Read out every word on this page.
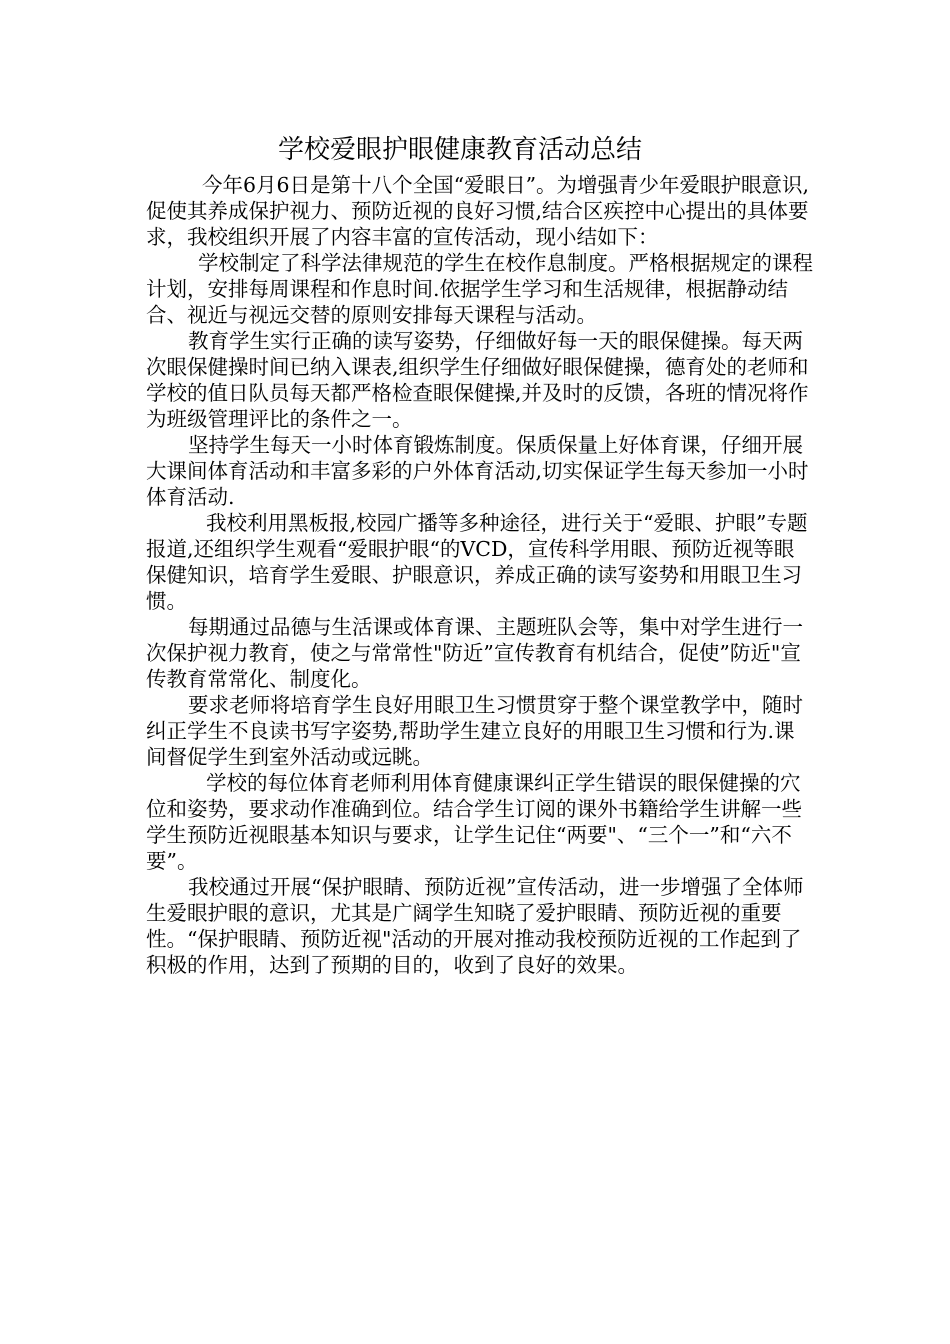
学校爱眼护眼健康教育活动总结

今年6月6日是第十八个全国“爱眼日”。为增强青少年爱眼护眼意识,促使其养成保护视力、预防近视的良好习惯,结合区疾控中心提出的具体要求，我校组织开展了内容丰富的宣传活动，现小结如下：

学校制定了科学法律规范的学生在校作息制度。严格根据规定的课程计划，安排每周课程和作息时间.依据学生学习和生活规律，根据静动结合、视近与视远交替的原则安排每天课程与活动。

教育学生实行正确的读写姿势，仔细做好每一天的眼保健操。每天两次眼保健操时间已纳入课表,组织学生仔细做好眼保健操，德育处的老师和学校的值日队员每天都严格检查眼保健操,并及时的反馈，各班的情况将作为班级管理评比的条件之一。

坚持学生每天一小时体育锻炼制度。保质保量上好体育课，仔细开展大课间体育活动和丰富多彩的户外体育活动,切实保证学生每天参加一小时体育活动.

我校利用黑板报,校园广播等多种途径，进行关于“爱眼、护眼”专题报道,还组织学生观看“爱眼护眼“的VCD，宣传科学用眼、预防近视等眼保健知识，培育学生爱眼、护眼意识，养成正确的读写姿势和用眼卫生习惯。

每期通过品德与生活课或体育课、主题班队会等，集中对学生进行一次保护视力教育，使之与常常性"防近”宣传教育有机结合，促使”防近"宣传教育常常化、制度化。

要求老师将培育学生良好用眼卫生习惯贯穿于整个课堂教学中，随时纠正学生不良读书写字姿势,帮助学生建立良好的用眼卫生习惯和行为.课间督促学生到室外活动或远眺。

学校的每位体育老师利用体育健康课纠正学生错误的眼保健操的穴位和姿势，要求动作准确到位。结合学生订阅的课外书籍给学生讲解一些学生预防近视眼基本知识与要求，让学生记住“两要"、“三个一”和“六不要”。

我校通过开展“保护眼睛、预防近视”宣传活动，进一步增强了全体师生爱眼护眼的意识，尤其是广阔学生知晓了爱护眼睛、预防近视的重要性。“保护眼睛、预防近视"活动的开展对推动我校预防近视的工作起到了积极的作用，达到了预期的目的，收到了良好的效果。
